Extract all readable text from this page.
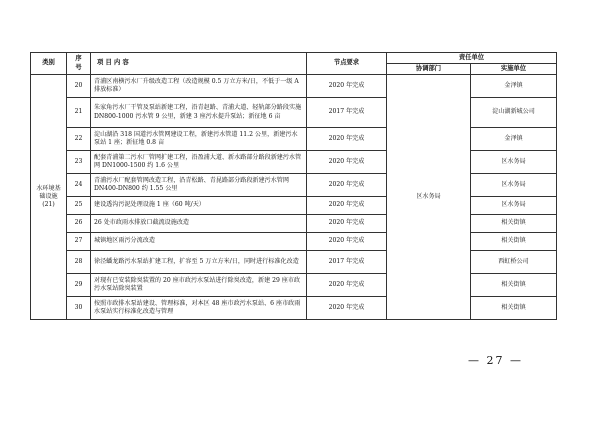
类别	序
号	项 目 内 容	节点要求	责任单位	
				协调部门	实施单位
水环境基础设施(21)	20	青浦区南横污水厂升级改造工程（改造规模 0.5 万立方米/日，不低于一级 A 排放标准）	2020 年完成	区水务局	金泽镇
	21	朱家角污水厂干管及泵站新建工程，沿青赵路、青浦大道、轻轨部分路段实施 DN800-1000 污水管 9 公里，新建 3 座污水提升泵站；新征地 6 亩	2017 年完成		淀山湖新城公司
	22	淀山湖沿 318 国道污水管网建设工程，新建污水管道 11.2 公里，新建污水泵站 1 座；新征地 0.8 亩	2020 年完成		金泽镇
	23	配套青浦第二污水厂管网扩建工程，沿盈浦大道、新水路部分路段新建污水管网 DN1000-1500 约 1.6 公里	2020 年完成		区水务局
	24	青浦污水厂配套管网改造工程，沿青松路、青昆路部分路段新建污水管网 DN400-DN800 约 1.55 公里	2020 年完成		区水务局
	25	建设透沟污泥处理设施 1 座（60 吨/天）	2020 年完成		区水务局
	26	26 处市政雨水排放口截流设施改造	2020 年完成		相关街镇
	27	城镇地区雨污分流改造	2020 年完成		相关街镇
	28	徐泾蟠龙路污水泵站扩建工程，扩容至 5 万立方米/日，同时进行标准化改造	2017 年完成		西虹桥公司
	29	对现有已安装除臭装置的 20 座市政污水泵站进行除臭改造，新建 29 座市政污水泵站除臭装置	2020 年完成		相关街镇
	30	按照市政排水泵站建设、管理标准，对本区 48 座市政污水泵站、6 座市政雨水泵站实行标准化改造与管理	2020 年完成		相关街镇
— 27 —
